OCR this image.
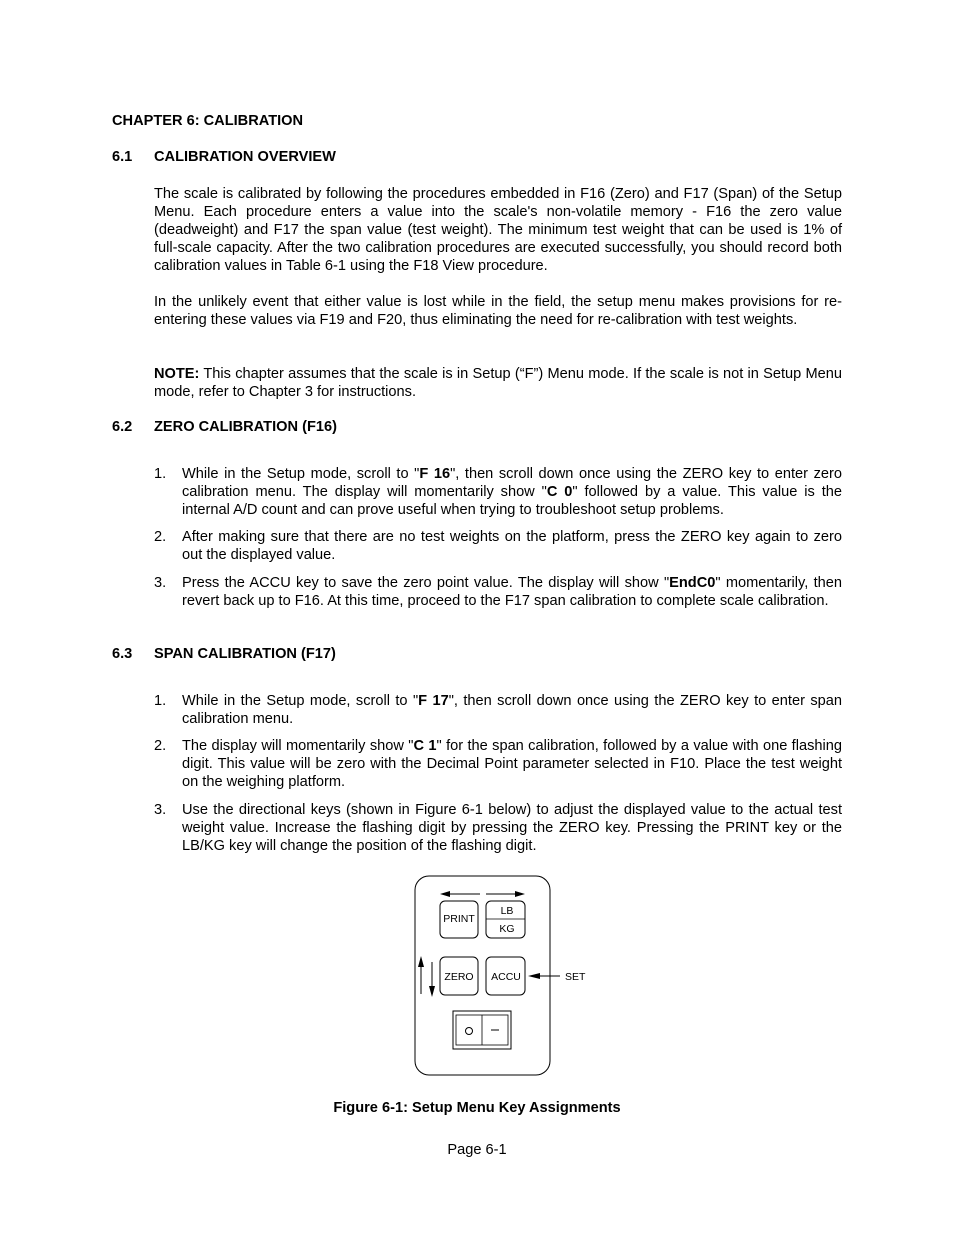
CHAPTER 6: CALIBRATION
6.1 CALIBRATION OVERVIEW
The scale is calibrated by following the procedures embedded in F16 (Zero) and F17 (Span) of the Setup Menu. Each procedure enters a value into the scale's non-volatile memory - F16 the zero value (deadweight) and F17 the span value (test weight). The minimum test weight that can be used is 1% of full-scale capacity. After the two calibration procedures are executed successfully, you should record both calibration values in Table 6-1 using the F18 View procedure.
In the unlikely event that either value is lost while in the field, the setup menu makes provisions for re-entering these values via F19 and F20, thus eliminating the need for re-calibration with test weights.
NOTE: This chapter assumes that the scale is in Setup (“F”) Menu mode. If the scale is not in Setup Menu mode, refer to Chapter 3 for instructions.
6.2 ZERO CALIBRATION (F16)
1. While in the Setup mode, scroll to "F 16", then scroll down once using the ZERO key to enter zero calibration menu. The display will momentarily show "C 0" followed by a value. This value is the internal A/D count and can prove useful when trying to troubleshoot setup problems.
2. After making sure that there are no test weights on the platform, press the ZERO key again to zero out the displayed value.
3. Press the ACCU key to save the zero point value. The display will show "EndC0" momentarily, then revert back up to F16. At this time, proceed to the F17 span calibration to complete scale calibration.
6.3 SPAN CALIBRATION (F17)
1. While in the Setup mode, scroll to "F 17", then scroll down once using the ZERO key to enter span calibration menu.
2. The display will momentarily show "C 1" for the span calibration, followed by a value with one flashing digit. This value will be zero with the Decimal Point parameter selected in F10. Place the test weight on the weighing platform.
3. Use the directional keys (shown in Figure 6-1 below) to adjust the displayed value to the actual test weight value. Increase the flashing digit by pressing the ZERO key. Pressing the PRINT key or the LB/KG key will change the position of the flashing digit.
PRINT
LB
KG
ZERO ACCU	SET
Figure 6-1: Setup Menu Key Assignments
Page 6-1
